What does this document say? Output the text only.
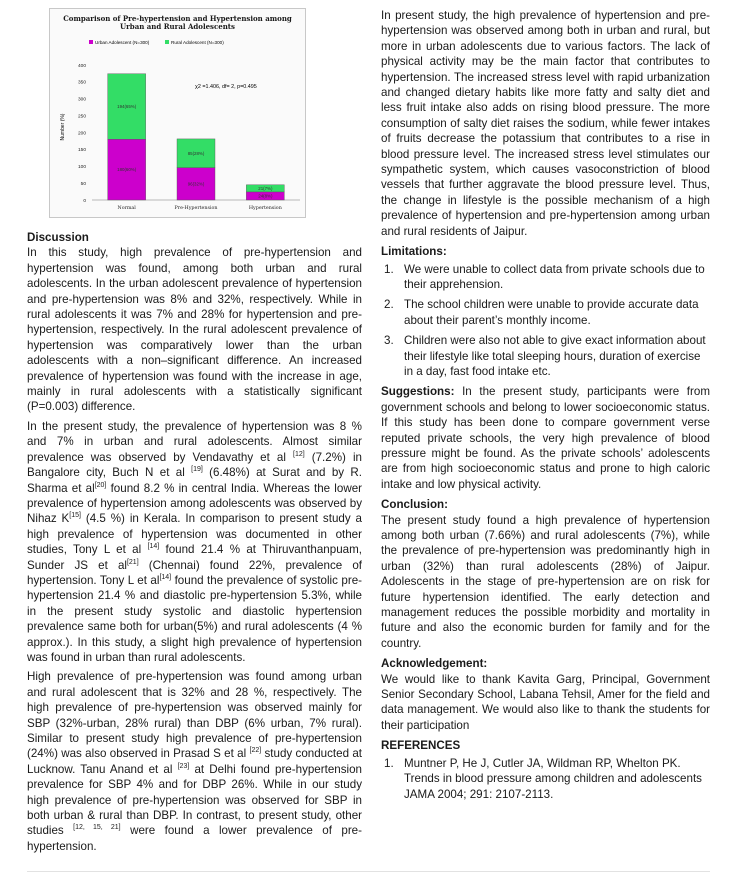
Comparison of Pre-hypertension and Hypertension among Urban and Rural Adolescents
Urban Adolescent (N=300)	Rural Adolescent (N=300)
Number (%)
χ2 =1.406, df= 2, p=0.495
0
50
100
150
200
250
300
350
400
180(60%)
194(65%)
Normal
96(32%)
85(28%)
Pre-Hypertension
24(8%)
21(7%)
Hypertension
Discussion

In this study, high prevalence of pre-hypertension and hypertension was found, among both urban and rural adolescents. In the urban adolescent prevalence of hypertension and pre-hypertension was 8% and 32%, respectively. While in rural adolescents it was 7% and 28% for hypertension and pre-hypertension, respectively. In the rural adolescent prevalence of hypertension was comparatively lower than the urban adolescents with a non–significant difference. An increased prevalence of hypertension was found with the increase in age, mainly in rural adolescents with a statistically significant (P=0.003) difference.

In the present study, the prevalence of hypertension was 8 % and 7% in urban and rural adolescents. Almost similar prevalence was observed by Vendavathy et al [12] (7.2%) in Bangalore city, Buch N et al [19] (6.48%) at Surat and by R. Sharma et al[20] found 8.2 % in central India. Whereas the lower prevalence of hypertension among adolescents was observed by Nihaz K[15] (4.5 %) in Kerala. In comparison to present study a high prevalence of hypertension was documented in other studies, Tony L et al [14] found 21.4 % at Thiruvanthanpuam, Sunder JS et al[21] (Chennai) found 22%, prevalence of hypertension. Tony L et al[14] found the prevalence of systolic pre-hypertension 21.4 % and diastolic pre-hypertension 5.3%, while in the present study systolic and diastolic hypertension prevalence same both for urban(5%) and rural adolescents (4 % approx.). In this study, a slight high prevalence of hypertension was found in urban than rural adolescents.

High prevalence of pre-hypertension was found among urban and rural adolescent that is 32% and 28 %, respectively. The high prevalence of pre-hypertension was observed mainly for SBP (32%-urban, 28% rural) than DBP (6% urban, 7% rural). Similar to present study high prevalence of pre-hypertension (24%) was also observed in Prasad S et al [22] study conducted at Lucknow. Tanu Anand et al [23] at Delhi found pre-hypertension prevalence for SBP 4% and for DBP 26%. While in our study high prevalence of pre-hypertension was observed for SBP in both urban & rural than DBP. In contrast, to present study, other studies [12, 15, 21] were found a lower prevalence of pre-hypertension.

In present study, the high prevalence of hypertension and pre-hypertension was observed among both in urban and rural, but more in urban adolescents due to various factors. The lack of physical activity may be the main factor that contributes to hypertension. The increased stress level with rapid urbanization and changed dietary habits like more fatty and salty diet and less fruit intake also adds on rising blood pressure. The more consumption of salty diet raises the sodium, while fewer intakes of fruits decrease the potassium that contributes to a rise in blood pressure level. The increased stress level stimulates our sympathetic system, which causes vasoconstriction of blood vessels that further aggravate the blood pressure level. Thus, the change in lifestyle is the possible mechanism of a high prevalence of hypertension and pre-hypertension among urban and rural residents of Jaipur.

Limitations:
1. We were unable to collect data from private schools due to their apprehension.
2. The school children were unable to provide accurate data about their parent’s monthly income.
3. Children were also not able to give exact information about their lifestyle like total sleeping hours, duration of exercise in a day, fast food intake etc.

Suggestions: In the present study, participants were from government schools and belong to lower socioeconomic status. If this study has been done to compare government verse reputed private schools, the very high prevalence of blood pressure might be found. As the private schools’ adolescents are from high socioeconomic status and prone to high caloric intake and low physical activity.

Conclusion:

The present study found a high prevalence of hypertension among both urban (7.66%) and rural adolescents (7%), while the prevalence of pre-hypertension was predominantly high in urban (32%) than rural adolescents (28%) of Jaipur. Adolescents in the stage of pre-hypertension are on risk for future hypertension identified. The early detection and management reduces the possible morbidity and mortality in future and also the economic burden for family and for the country.

Acknowledgement:

We would like to thank Kavita Garg, Principal, Government Senior Secondary School, Labana Tehsil, Amer for the field and data management. We would also like to thank the students for their participation

REFERENCES
1. Muntner P, He J, Cutler JA, Wildman RP, Whelton PK. Trends in blood pressure among children and adolescents JAMA 2004; 291: 2107-2113.
